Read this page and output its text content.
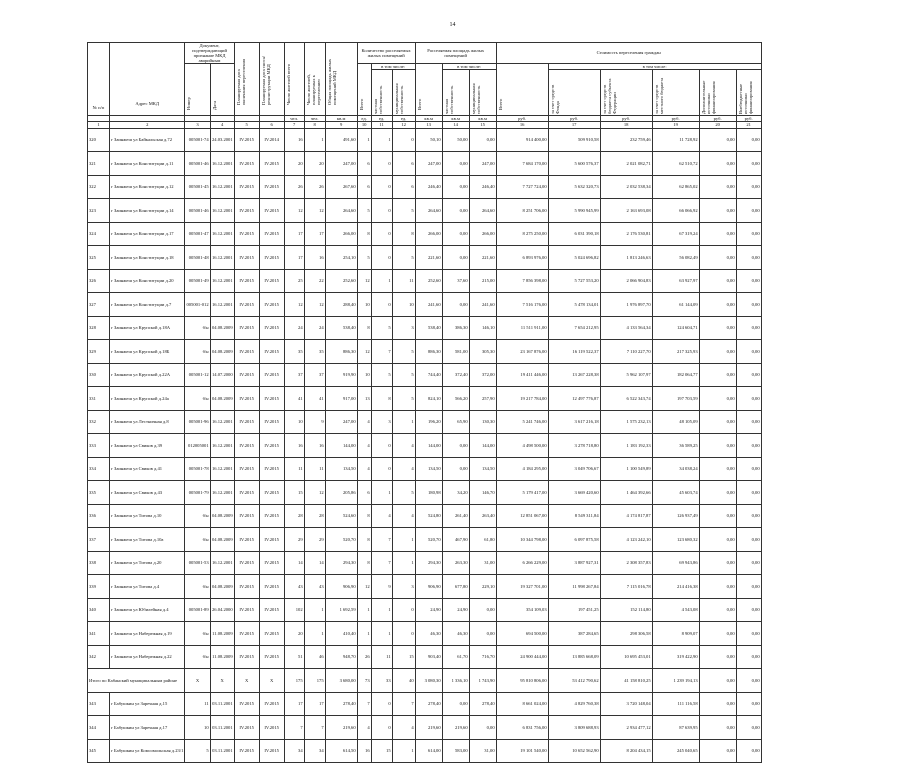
14
№ п/п	Адрес МКД	Документ, подтверждающий признание МКД аварийным		Планируемая дата окончания переселения	Планируемая дата сноса/реконструкции МКД	Число жителей всего	Число жителей, планируемых к переселению	Общая площадь жилых помещений МКД	Количество расселяемых жилых помещений			Расселяемая площадь жилых помещений			Стоимость переселения граждан					

		Номер	Дата						Всего	в том числе:		Всего	в том числе:		Всего	в том числе:				

										частная собственность	муниципальная собственность		частная собственность	муниципальная собственность		за счет средств Фонда	за счет средств бюджета субъекта Федерации	за счет средств местного бюджета	Дополнительные источники финансирования	Внебюджетные источники финансирования

						чел.	чел.	кв.м	ед.	ед.	ед.	кв.м	кв.м	кв.м	руб.	руб.	руб.	руб.	руб.	руб.
1	2	3	4	5	6	7	8	9	10	11	12	13	14	15	16	17	18	19	20	21
320	г Заинжеш ул Байкальская д.72	005001-74	24.03.2001	IV.2015	IV.2014	16	1	491,60	1	1	0	50,10	50,00	0,00	914 400,00	509 910,58	232 759,46	11 728,92	0,00	0,00
321	г Заинжеш ул Конституции д.11	005001-46	16.12.2001	IV.2015	IV.2015	20	20	247,00	6	0	6	247,00	0,00	247,00	7 684 170,00	5 600 576,37	2 021 082,71	62 510,72	0,00	0,00
322	г Заинжеш ул Конституции д.12	005001-45	16.12.2001	IV.2015	IV.2015	26	26	267,60	6	0	6	246,40	0,00	246,40	7 727 724,00	5 632 320,73	2 032 538,34	62 865,02	0,00	0,00
323	г Заинжеш ул Конституции д.14	005001-46	16.12.2001	IV.2015	IV.2015	12	12	264,60	5	0	5	264,60	0,00	264,60	8 251 706,00	5 990 945,99	2 163 693,08	66 066,92	0,00	0,00
324	г Заинжеш ул Конституции д.17	005001-47	16.12.2001	IV.2015	IV.2015	17	17	266,00	8	0	8	266,00	0,00	266,00	8 275 250,00	6 031 390,18	2 176 530,81	67 319,24	0,00	0,00
325	г Заинжеш ул Конституции д.18	005001-48	16.12.2001	IV.2015	IV.2015	17	16	254,10	5	0	5	221,60	0,00	221,60	6 893 976,00	5 024 696,82	1 813 246,63	56 082,49	0,00	0,00
326	г Заинжеш ул Конституции д.20	005001-49	16.12.2001	IV.2015	IV.2015	25	22	252,60	12	1	11	252,60	37,60	215,00	7 856 398,00	5 727 553,20	2 066 904,83	63 927,97	0,00	0,00
327	г Заинжеш ул Конституции д.7	005001-012	16.12.2001	IV.2015	IV.2015	12	12	288,40	10	0	10	241,60	0,00	241,60	7 516 176,00	5 478 134,01	1 976 897,70	61 144,09	0,00	0,00
328	г Заинжеш ул Крупской д.18А	б/н	04.08.2009	IV.2015	IV.2015	24	24	538,40	8	5	3	538,40	386,30	146,10	11 511 911,00	7 654 212,95	4 133 564,34	124 604,71	0,00	0,00
329	г Заинжеш ул Крупской д.18Б	б/н	04.08.2009	IV.2015	IV.2015	35	35	886,30	12	7	5	886,30	581,00	305,30	23 167 876,00	16 119 522,37	7 110 227,70	217 325,93	0,00	0,00
330	г Заинжеш ул Крупской д.22А	005001-12	14.07.2000	IV.2015	IV.2015	37	37	919,90	10	5	5	744,40	372,40	372,00	19 411 446,00	13 267 228,38	5 962 107,97	182 064,77	0,00	0,00
331	г Заинжеш ул Крупской д.24а	б/н	04.08.2009	IV.2015	IV.2015	41	41	917,00	13	8	5	824,10	566,20	257,90	19 217 784,00	12 497 776,87	6 522 343,74	197 703,59	0,00	0,00
332	г Заинжеш ул Лестничная д.8	005001-96	16.12.2001	IV.2015	IV.2015	10	9	247,00	4	3	1	196,20	65,90	130,30	5 241 746,00	3 617 216,18	1 575 232,13	48 105,09	0,00	0,00
333	г Заинжеш ул Свиков д.39	012005001	16.12.2001	IV.2015	IV.2015	16	16	144,00	4	0	4	144,00	0,00	144,00	4 498 500,00	3 278 718,80	1 183 192,33	36 589,25	0,00	0,00
334	г Заинжеш ул Свиков д.41	005001-78	16.12.2001	IV.2015	IV.2015	11	11	134,50	4	0	4	134,50	0,00	134,50	4 184 295,00	3 049 706,67	1 100 549,89	34 038,24	0,00	0,00
335	г Заинжеш ул Свиков д.43	005001-79	16.12.2001	IV.2015	IV.2015	15	12	205,86	6	1	5	180,98	34,20	146,70	5 179 417,00	3 669 420,60	1 464 392,66	45 603,74	0,00	0,00
336	г Заинжеш ул Титова д.10	б/н	04.08.2009	IV.2015	IV.2015	28	28	524,60	8	4	4	524,80	261,40	263,40	12 851 067,00	8 549 311,84	4 174 817,87	126 937,49	0,00	0,00
337	г Заинжеш ул Титова д.10а	б/н	04.08.2009	IV.2015	IV.2015	29	29	520,70	8	7	1	520,70	467,90	61,80	10 344 798,00	6 097 875,58	4 123 242,10	123 680,32	0,00	0,00
338	г Заинжеш ул Титова д.20	005001-53	16.12.2001	IV.2015	IV.2015	14	14	294,30	8	7	1	294,30	263,30	31,00	6 266 229,00	3 887 927,31	2 308 357,83	69 943,86	0,00	0,00
339	г Заинжеш ул Титова д.4	б/н	04.08.2009	IV.2015	IV.2015	43	43	906,90	12	9	3	906,90	677,80	229,10	19 327 701,00	11 998 267,84	7 115 016,78	214 416,38	0,00	0,00
340	г Заинжеш ул Юбилейная д.4	005001-89	26.04.2000	IV.2015	IV.2015	102	1	1 692,59	1	1	0	24,90	24,90	0,00	354 109,03	197 451,25	152 114,80	4 543,08	0,00	0,00
341	г Заинжеш ул Набережная д.19	б/н	11.08.2009	IV.2015	IV.2015	20	1	410,40	1	1	0	46,30	46,30	0,00	694 500,00	387 284,65	298 306,58	8 909,07	0,00	0,00
342	г Заинжеш ул Набережная д.22	б/н	11.08.2009	IV.2015	IV.2015	51	46	948,70	26	11	15	903,40	61,70	716,70	24 900 444,00	13 885 668,09	10 695 453,01	319 422,90	0,00	0,00
Итого по Кабанский муниципальным районе		X	X	X	X	175	175	3 680,00	73	33	40	3 080,30	1 336,10	1 743,90	95 810 806,00	53 412 790,62	41 158 810,25	1 239 194,13	0,00	0,00
343	г Бабушкин ул Заречная д.15	11	03.11.2001	IV.2015	IV.2015	17	17	278,40	7	0	7	278,40	0,00	278,40	8 661 024,00	4 829 760,38	3 720 148,04	111 116,58	0,00	0,00
344	г Бабушкин ул Заречная д.17	10	03.11.2001	IV.2015	IV.2015	7	7	219,60	4	0	4	219,60	219,60	0,00	6 831 756,00	3 809 688,93	2 934 477,12	87 639,95	0,00	0,00
345	г Бабушкин ул Комсомольская д.23/1	5	03.11.2001	IV.2015	IV.2015	34	34	614,50	16	15	1	614,00	583,00	31,00	19 101 540,00	10 652 562,90	8 204 434,15	245 040,65	0,00	0,00
